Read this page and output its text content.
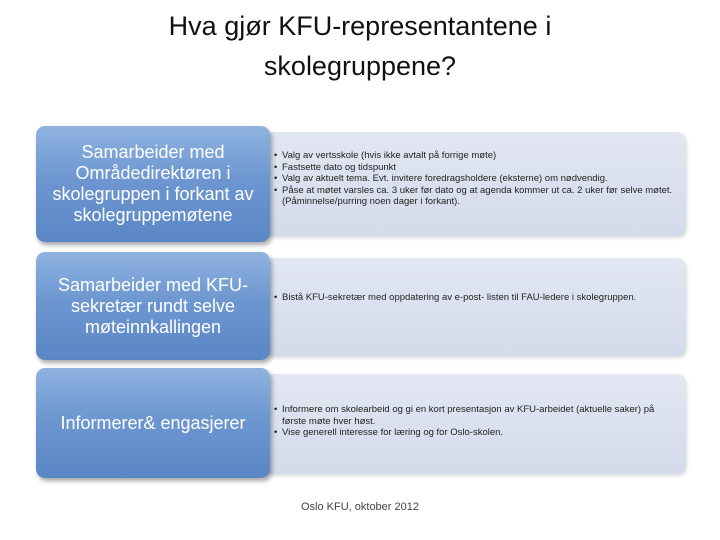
Hva gjør KFU-representantene i
skolegruppene?
• Valg av vertsskole (hvis ikke avtalt på forrige møte)
• Fastsette dato og tidspunkt
• Valg av aktuelt tema. Evt. invitere foredragsholdere (eksterne) om nødvendig.
• Påse at møtet varsles ca. 3 uker før dato og at agenda kommer ut ca. 2 uker før selve møtet. (Påminnelse/purring noen dager i forkant).
Samarbeider med Områdedirektøren i skolegruppen i forkant av skolegruppemøtene
• Bistå KFU-sekretær med oppdatering av e-post- listen til FAU-ledere i skolegruppen.
Samarbeider med KFU-sekretær rundt selve møteinnkallingen
• Informere om skolearbeid og gi en kort presentasjon av KFU-arbeidet (aktuelle saker) på første møte hver høst.
• Vise generell interesse for læring og for Oslo-skolen.
Informerer& engasjerer
Oslo KFU, oktober 2012
